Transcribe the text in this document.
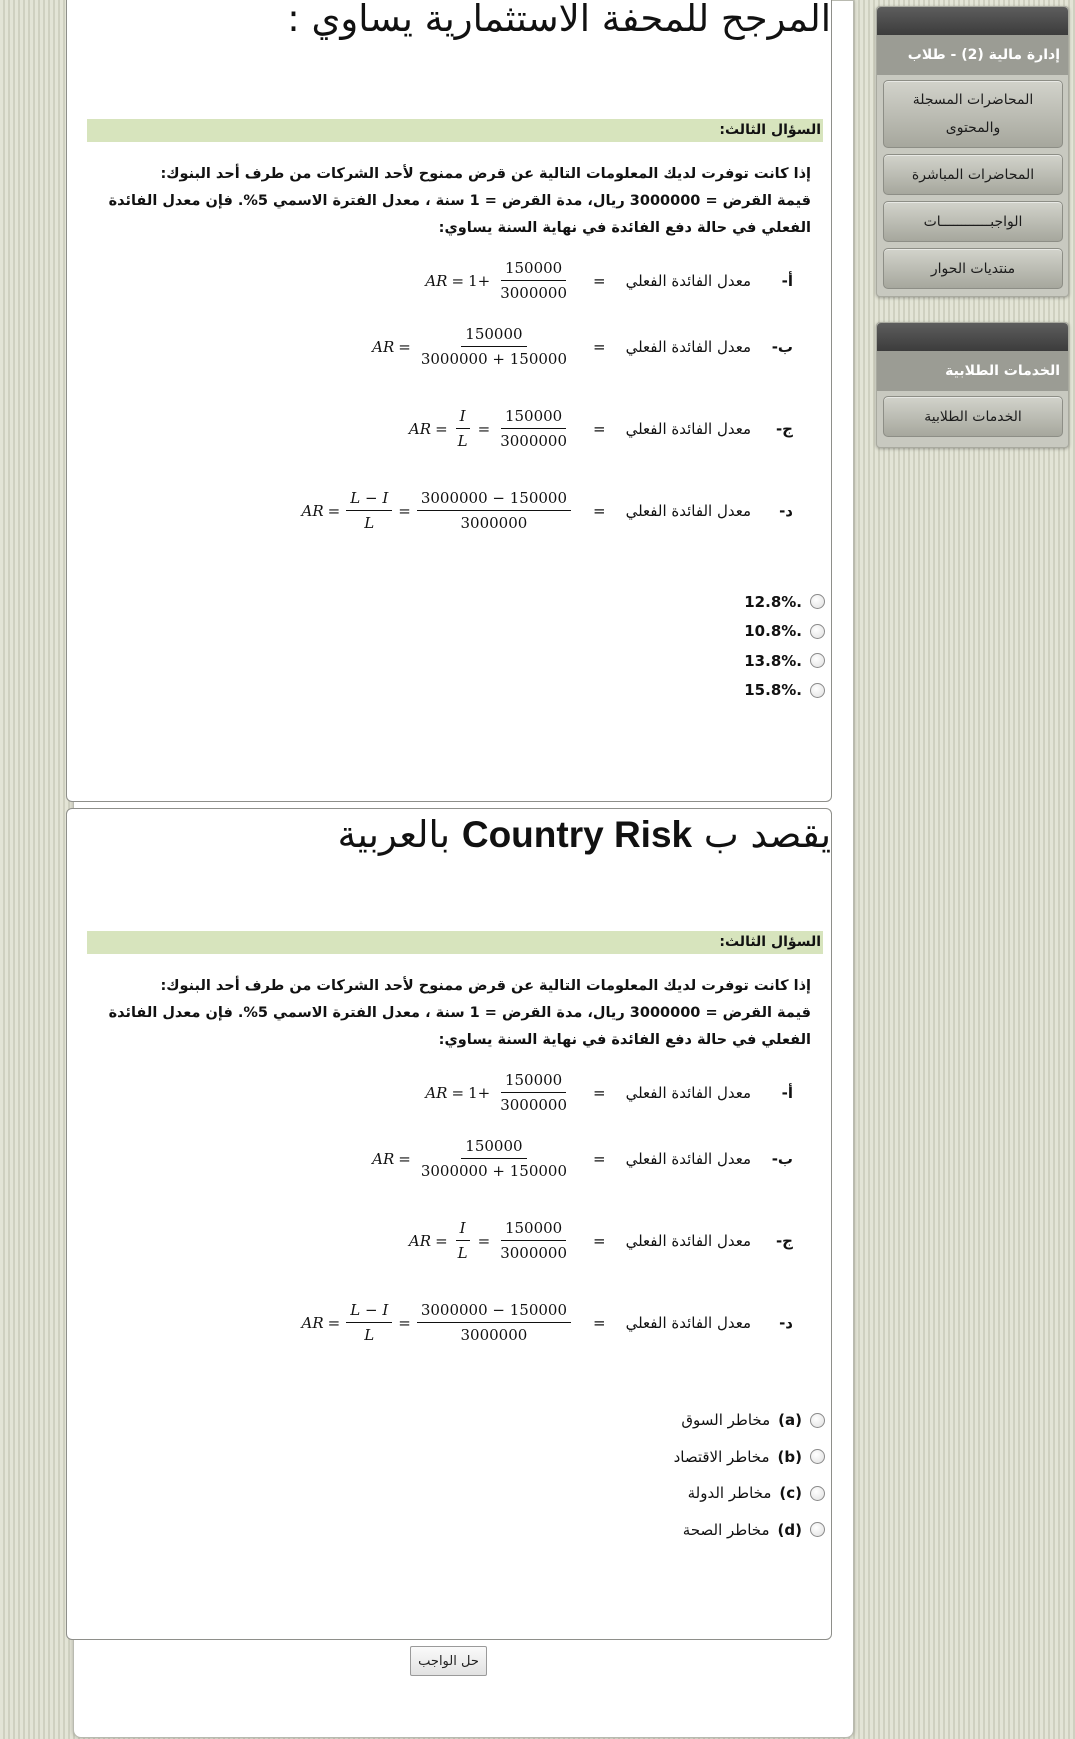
المرجح للمحفة الاستثمارية يساوي :
السؤال الثالث:
إذا كانت توفرت لديك المعلومات التالية عن قرض ممنوح لأحد الشركات من طرف أحد البنوك:
قيمة القرض = 3000000 ريال، مدة القرض = 1 سنة ، معدل الفترة الاسمي 5%. فإن معدل الفائدة الفعلي في حالة دفع الفائدة في نهاية السنة يساوي:
أ-
معدل الفائدة الفعلي
=
AR = $1+ \frac{150000}{3000000}$
ب-
معدل الفائدة الفعلي
=
AR = $\frac{150000}{3000000 + 150000}$
ج-
معدل الفائدة الفعلي
=
AR = $\frac{I}{L} = \frac{150000}{3000000}$
د-
معدل الفائدة الفعلي
=
AR = $\frac{L - I}{L} = \frac{3000000 - 150000}{3000000}$
.12.8%
.10.8%
.13.8%
.15.8%
يقصد ب Country Risk بالعربية
السؤال الثالث:
إذا كانت توفرت لديك المعلومات التالية عن قرض ممنوح لأحد الشركات من طرف أحد البنوك:
قيمة القرض = 3000000 ريال، مدة القرض = 1 سنة ، معدل الفترة الاسمي 5%. فإن معدل الفائدة الفعلي في حالة دفع الفائدة في نهاية السنة يساوي:
أ-
معدل الفائدة الفعلي
=
AR = $1+ \frac{150000}{3000000}$
ب-
معدل الفائدة الفعلي
=
AR = $\frac{150000}{3000000 + 150000}$
ج-
معدل الفائدة الفعلي
=
AR = $\frac{I}{L} = \frac{150000}{3000000}$
د-
معدل الفائدة الفعلي
=
AR = $\frac{L - I}{L} = \frac{3000000 - 150000}{3000000}$
(a)
مخاطر السوق
(b)
مخاطر الاقتصاد
(c)
مخاطر الدولة
(d)
مخاطر الصحة
حل الواجب
إدارة مالية (2) - طلاب
المحاضرات المسجلة والمحتوى
المحاضرات المباشرة
الواجبــــــــــــات
منتديات الحوار
الخدمات الطلابية
الخدمات الطلابية
